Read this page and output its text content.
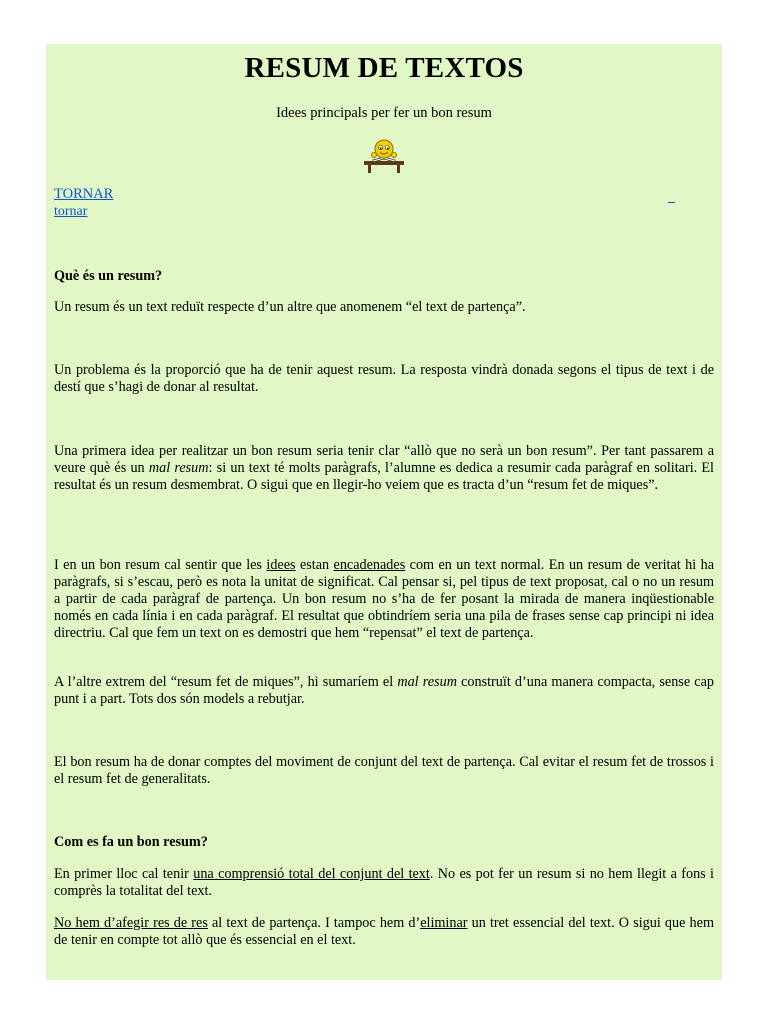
RESUM DE TEXTOS
Idees principals per fer un bon resum
TORNAR
tornar
_
Què és un resum?
Un resum és un text reduït respecte d’un altre que anomenem “el text de partença”.
Un problema és la proporció que ha de tenir aquest resum. La resposta vindrà donada segons el tipus de text i de destí que s’hagi de donar al resultat.
Una primera idea per realitzar un bon resum seria tenir clar “allò que no serà un bon resum”. Per tant passarem a veure què és un mal resum: si un text té molts paràgrafs, l’alumne es dedica a resumir cada paràgraf en solitari. El resultat és un resum desmembrat. O sigui que en llegir-ho veiem que es tracta d’un “resum fet de miques”.
I en un bon resum cal sentir que les idees estan encadenades com en un text normal. En un resum de veritat hi ha paràgrafs, si s’escau, però es nota la unitat de significat. Cal pensar si, pel tipus de text proposat, cal o no un resum a partir de cada paràgraf de partença. Un bon resum no s’ha de fer posant la mirada de manera inqüestionable només en cada línia i en cada paràgraf. El resultat que obtindríem seria una pila de frases sense cap principi ni idea directriu. Cal que fem un text on es demostri que hem “repensat” el text de partença.
A l’altre extrem del “resum fet de miques”, hi sumaríem el mal resum construït d’una manera compacta, sense cap punt i a part. Tots dos són models a rebutjar.
El bon resum ha de donar comptes del moviment de conjunt del text de partença. Cal evitar el resum fet de trossos i el resum fet de generalitats.
Com es fa un bon resum?
En primer lloc cal tenir una comprensió total del conjunt del text. No es pot fer un resum si no hem llegit a fons i comprès la totalitat del text.
No hem d’afegir res de res al text de partença. I tampoc hem d’eliminar un tret essencial del text. O sigui que hem de tenir en compte tot allò que és essencial en el text.
